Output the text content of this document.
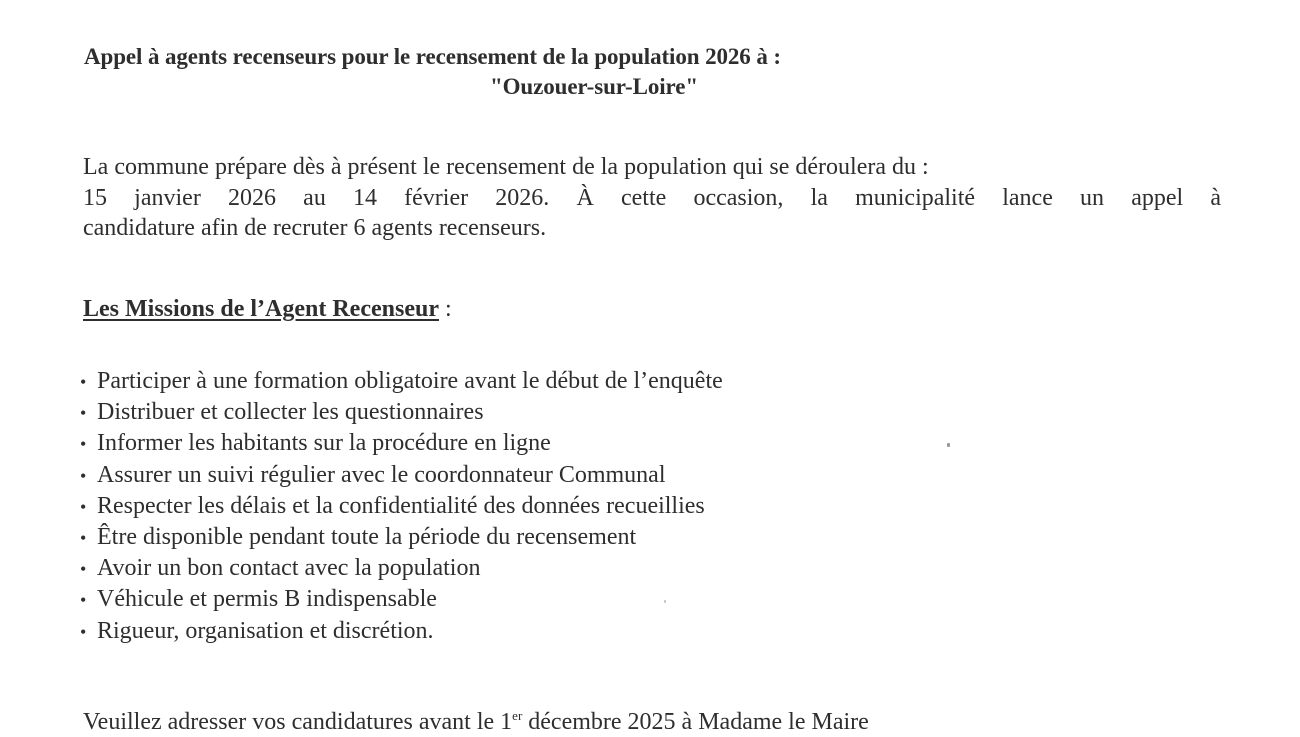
Appel à agents recenseurs pour le recensement de la population 2026 à :
"Ouzouer-sur-Loire"
La commune prépare dès à présent le recensement de la population qui se déroulera du :
15 janvier 2026 au 14 février 2026. À cette occasion, la municipalité lance un appel à
candidature afin de recruter 6 agents recenseurs.
Les Missions de l’Agent Recenseur :
• Participer à une formation obligatoire avant le début de l’enquête
• Distribuer et collecter les questionnaires
• Informer les habitants sur la procédure en ligne
• Assurer un suivi régulier avec le coordonnateur Communal
• Respecter les délais et la confidentialité des données recueillies
• Être disponible pendant toute la période du recensement
• Avoir un bon contact avec la population
• Véhicule et permis B indispensable
• Rigueur, organisation et discrétion.
Veuillez adresser vos candidatures avant le 1er décembre 2025 à Madame le Maire
